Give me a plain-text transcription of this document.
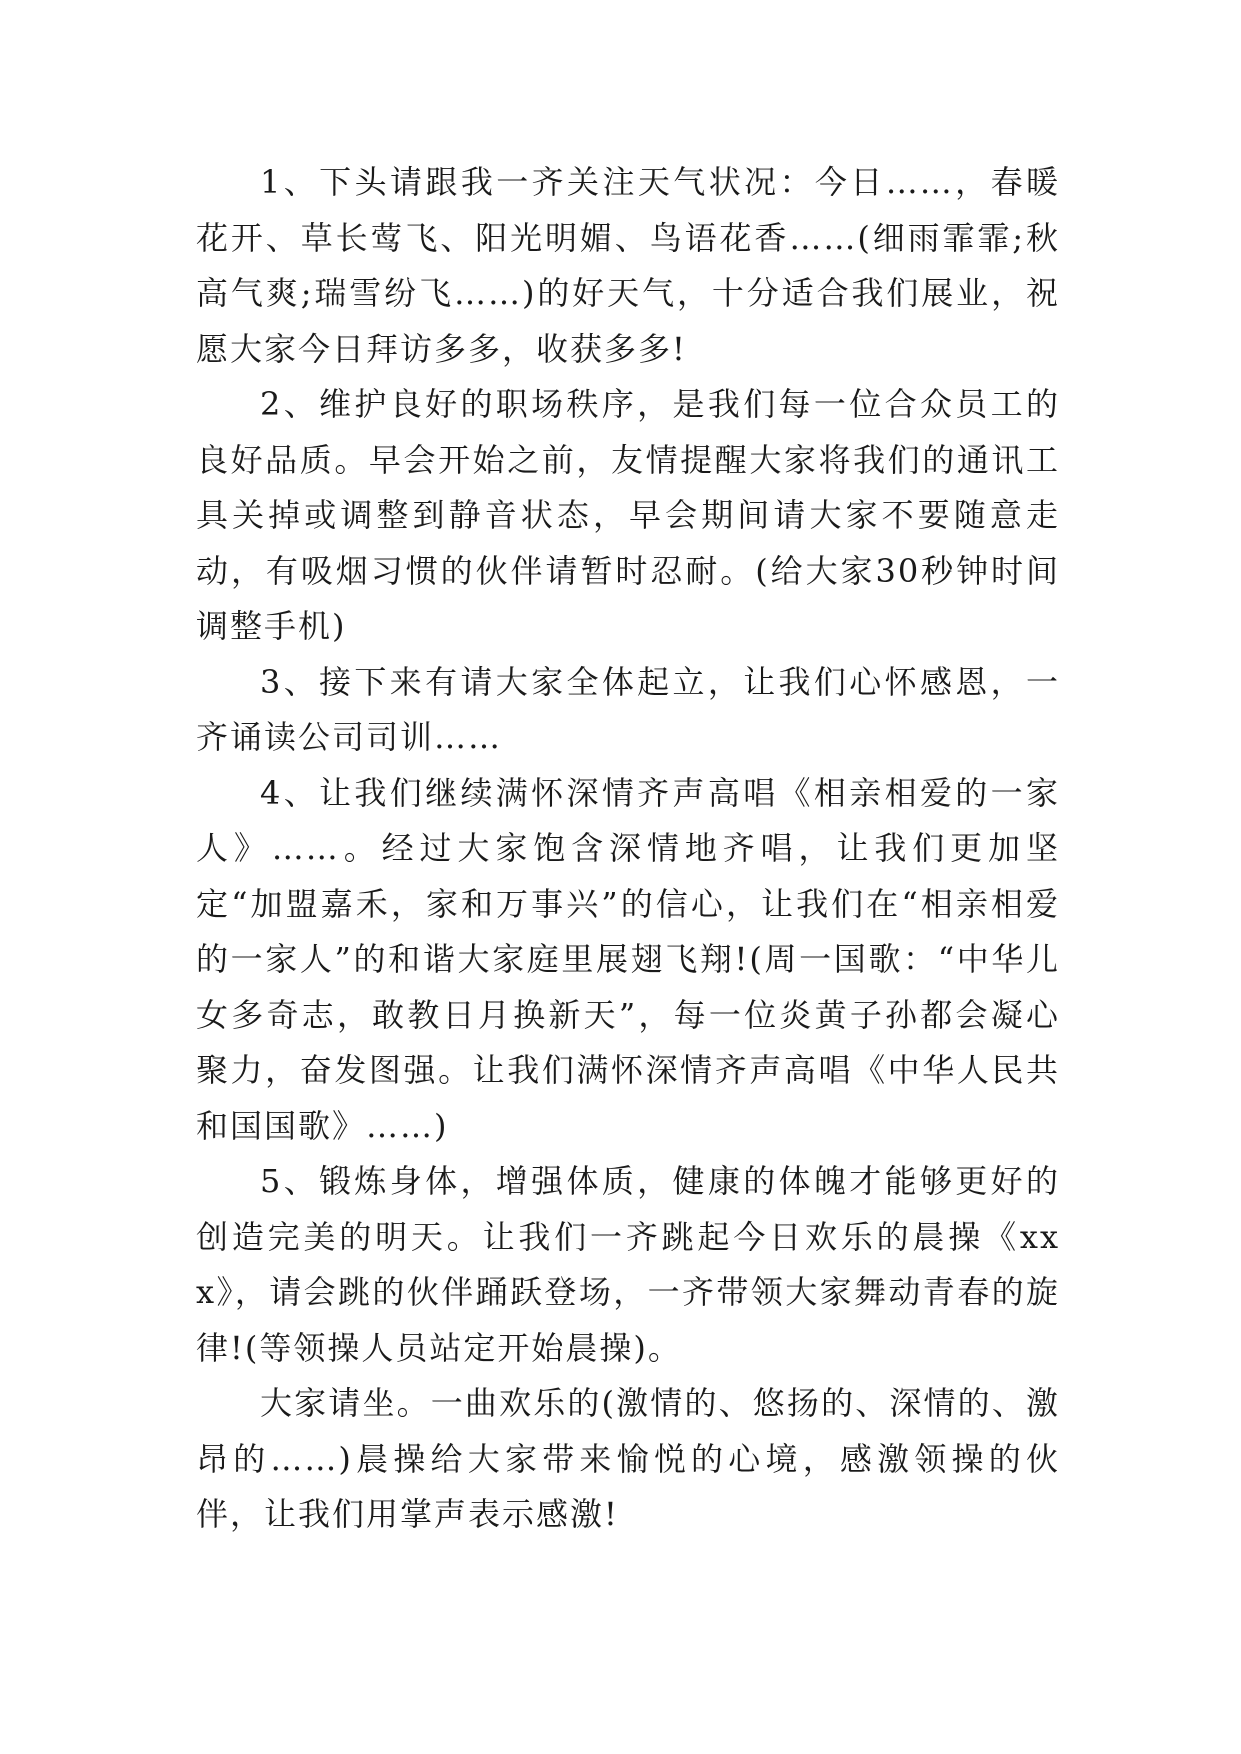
1、下头请跟我一齐关注天气状况：今日……，春暖花开、草长莺飞、阳光明媚、鸟语花香……(细雨霏霏;秋高气爽;瑞雪纷飞……)的好天气，十分适合我们展业，祝愿大家今日拜访多多，收获多多!

2、维护良好的职场秩序，是我们每一位合众员工的良好品质。早会开始之前，友情提醒大家将我们的通讯工具关掉或调整到静音状态，早会期间请大家不要随意走动，有吸烟习惯的伙伴请暂时忍耐。(给大家30秒钟时间调整手机)

3、接下来有请大家全体起立，让我们心怀感恩，一齐诵读公司司训……

4、让我们继续满怀深情齐声高唱《相亲相爱的一家人》……。经过大家饱含深情地齐唱，让我们更加坚定“加盟嘉禾，家和万事兴”的信心，让我们在“相亲相爱的一家人”的和谐大家庭里展翅飞翔!(周一国歌：“中华儿女多奇志，敢教日月换新天”，每一位炎黄子孙都会凝心聚力，奋发图强。让我们满怀深情齐声高唱《中华人民共和国国歌》……)

5、锻炼身体，增强体质，健康的体魄才能够更好的创造完美的明天。让我们一齐跳起今日欢乐的晨操《xxx》，请会跳的伙伴踊跃登场，一齐带领大家舞动青春的旋律!(等领操人员站定开始晨操)。

大家请坐。一曲欢乐的(激情的、悠扬的、深情的、激昂的……)晨操给大家带来愉悦的心境，感激领操的伙伴，让我们用掌声表示感激!
